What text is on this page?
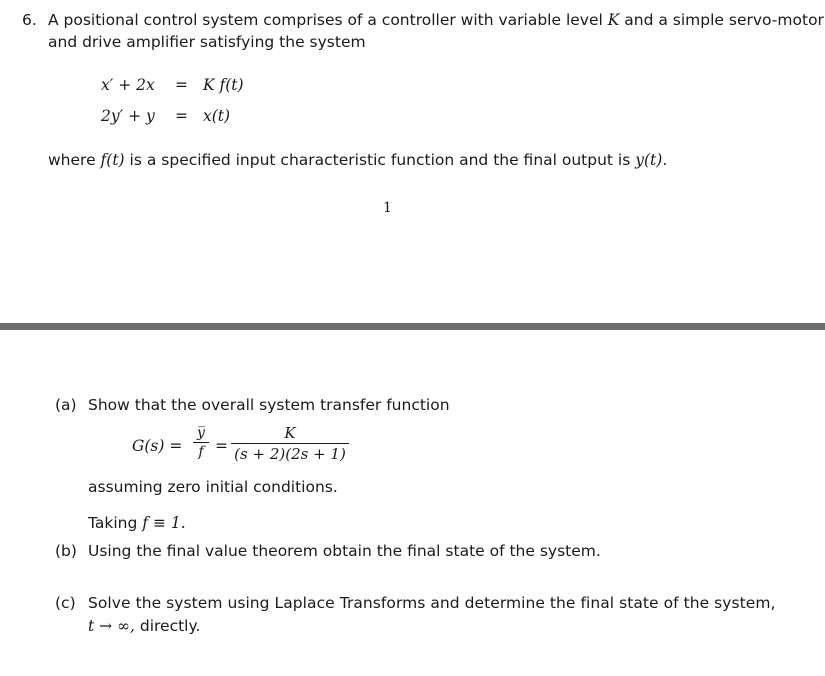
6. A positional control system comprises of a controller with variable level K and a simple servo-motor
and drive amplifier satisfying the system
x′ + 2x = K f(t)
2y′ + y = x(t)
where f(t) is a specified input characteristic function and the final output is y(t).
1
(a) Show that the overall system transfer function
G(s) =
y̅
f̅ =
K
(s + 2)(2s + 1)
assuming zero initial conditions.
Taking f ≡ 1.
(b) Using the final value theorem obtain the final state of the system.
(c) Solve the system using Laplace Transforms and determine the final state of the system,
t → ∞, directly.
